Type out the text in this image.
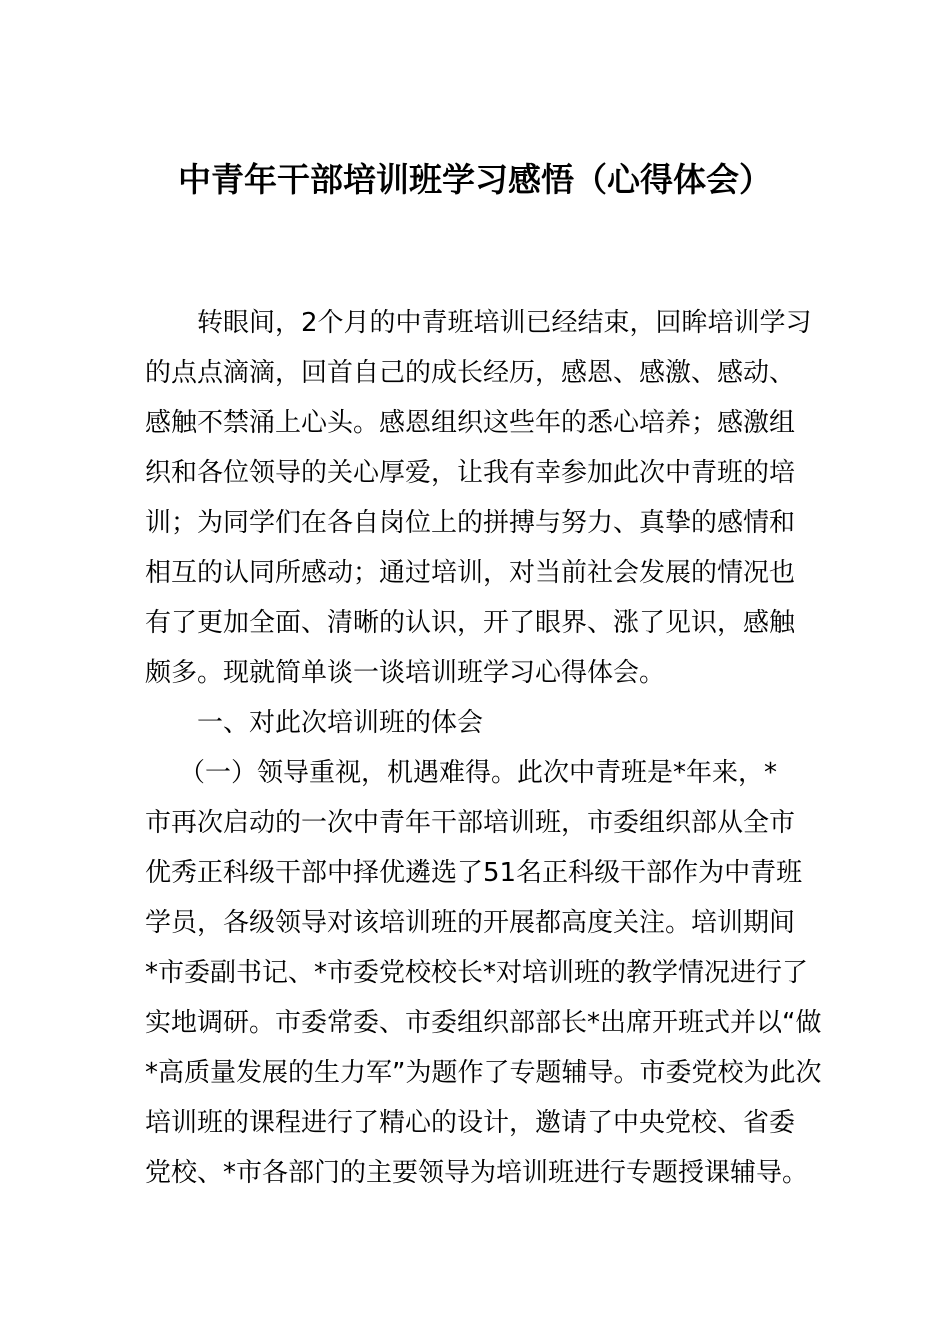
中青年干部培训班学习感悟（心得体会）
转眼间，2个月的中青班培训已经结束，回眸培训学习
的点点滴滴，回首自己的成长经历，感恩、感激、感动、
感触不禁涌上心头。感恩组织这些年的悉心培养；感激组
织和各位领导的关心厚爱，让我有幸参加此次中青班的培
训；为同学们在各自岗位上的拼搏与努力、真挚的感情和
相互的认同所感动；通过培训，对当前社会发展的情况也
有了更加全面、清晰的认识，开了眼界、涨了见识，感触
颇多。现就简单谈一谈培训班学习心得体会。
一、对此次培训班的体会
（一）领导重视，机遇难得。此次中青班是*年来，*
市再次启动的一次中青年干部培训班，市委组织部从全市
优秀正科级干部中择优遴选了51名正科级干部作为中青班
学员，各级领导对该培训班的开展都高度关注。培训期间
*市委副书记、*市委党校校长*对培训班的教学情况进行了
实地调研。市委常委、市委组织部部长*出席开班式并以“做
*高质量发展的生力军”为题作了专题辅导。市委党校为此次
培训班的课程进行了精心的设计，邀请了中央党校、省委
党校、*市各部门的主要领导为培训班进行专题授课辅导。
